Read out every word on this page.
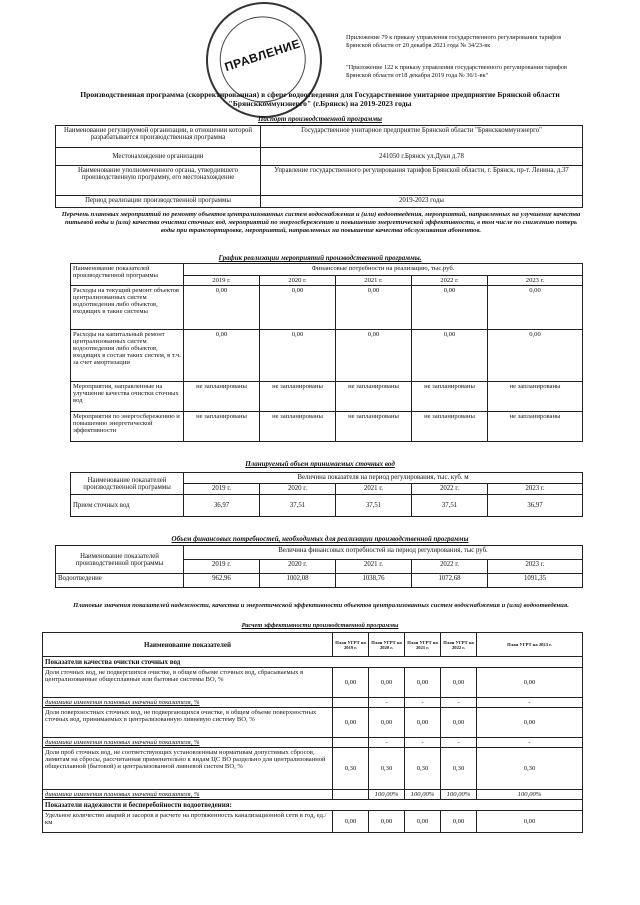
ПРАВЛЕНИЕ	Приложение 79 к приказу управления государственного регулирования тарифов Брянской области от 20 декабря 2021 года № 34/23-вк
"Приложение 122 к приказу управления государственного регулирования тарифов Брянской области от18 декабря 2019 года № 36/1-вк"
Производственная программа (скорректированная) в сфере водоотведения для Государственное унитарное предприятие Брянской области "Брянсккоммунэнерго" (г.Брянск) на 2019-2023 годы
Паспорт производственной программы
Наименование регулируемой организации, в отношении которой разрабатывается производственная программа	Государственное унитарное предприятие Брянской области "Брянсккоммунэнерго"
Местонахождение организации	241050 г.Брянск ул.Дуки д.78
Наименование уполномоченного органа, утвердившего производственную программу, его местонахождение	Управление государственного регулирования тарифов Брянской области, г. Брянск, пр-т. Ленина, д.37
Период реализации производственной программы	2019-2023 годы
Перечень плановых мероприятий по ремонту объектов централизованных систем водоснабжения и (или) водоотведения, мероприятий, направленных на улучшение качества питьевой воды и (или) качества очистки сточных вод, мероприятий по энергосбережению и повышению энергетической эффективности, в том числе по снижению потерь воды при транспортировке, мероприятий, направленных на повышение качества обслуживания абонентов.
График реализации мероприятий производственной программы.
Наименование показателей производственной программы	Финансовые потребности на реализацию, тыс.руб.				
	2019 г.	2020 г.	2021 г.	2022 г.	2023 г.
Расходы на текущий ремонт объектов централизованных систем водоотведения либо объектов, входящих в такие системы	0,00	0,00	0,00	0,00	0,00
Расходы на капитальный ремонт централизованных систем водоотведения либо объектов, входящих в состав таких систем, в т.ч. за счет амортизации	0,00	0,00	0,00	0,00	0,00
Мероприятия, направленные на улучшение качества очистки сточных вод	не запланированы	не запланированы	не запланированы	не запланированы	не запланированы
Мероприятия по энергосбережению и повышению энергетической эффективности	не запланированы	не запланированы	не запланированы	не запланированы	не запланированы
Планируемый объем принимаемых сточных вод
Наименование показателей производственной программы	Величина показателя на период регулирования, тыс. куб. м				
	2019 г.	2020 г.	2021 г.	2022 г.	2023 г.
Прием сточных вод	36,97	37,51	37,51	37,51	36,97
Объем финансовых потребностей, необходимых для реализации производственной программы
Наименование показателей производственной программы	Величина финансовых потребностей на период регулирования, тыс руб.				
	2019 г.	2020 г.	2021 г.	2022 г.	2023 г.
Водоотведение	962,96	1002,08	1038,76	1072,68	1091,35
Плановые значения показателей надежности, качества и энергетической эффективности объектов централизованных систем водоснабжения и (или) водоотведения.
Расчет эффективности производственной программы
Наименование показателей	План УГРТ на 2019 г.	План УГРТ на 2020 г.	План УГРТ на 2021 г.	План УГРТ на 2022 г.	План УГРТ на 2023 г.
Показатели качества очистки сточных вод					
Доля сточных вод, не подвергшихся очистке, в общем объеме сточных вод, сбрасываемых в централизованные общесплавные или бытовые системы ВО, %	0,00	0,00	0,00	0,00	0,00
динамика изменения плановых значений показателя, %		-	-	-	-
Доля поверхностных сточных вод, не подвергающихся очистке, в общем объеме поверхностных сточных вод, принимаемых в централизованную ливневую систему ВО, %	0,00	0,00	0,00	0,00	0,00
динамика изменения плановых значений показателя, %		-	-	-	-
Доля проб сточных вод, не соответствующих установленным нормативам допустимых сбросов, лимитам на сбросы, рассчитанная применительно к видам ЦС ВО раздельно для централизованной общесплавной (бытовой) и централизованной ливневой систем ВО, %	0,30	0,30	0,30	0,30	0,30
динамика изменения плановых значений показателя, %		100,00%	100,00%	100,00%	100,00%
Показатели надежности и бесперебойности водоотведения:					
Удельное количество аварий и засоров в расчете на протяженность канализационной сети в год, ед./км	0,00	0,00	0,00	0,00	0,00
